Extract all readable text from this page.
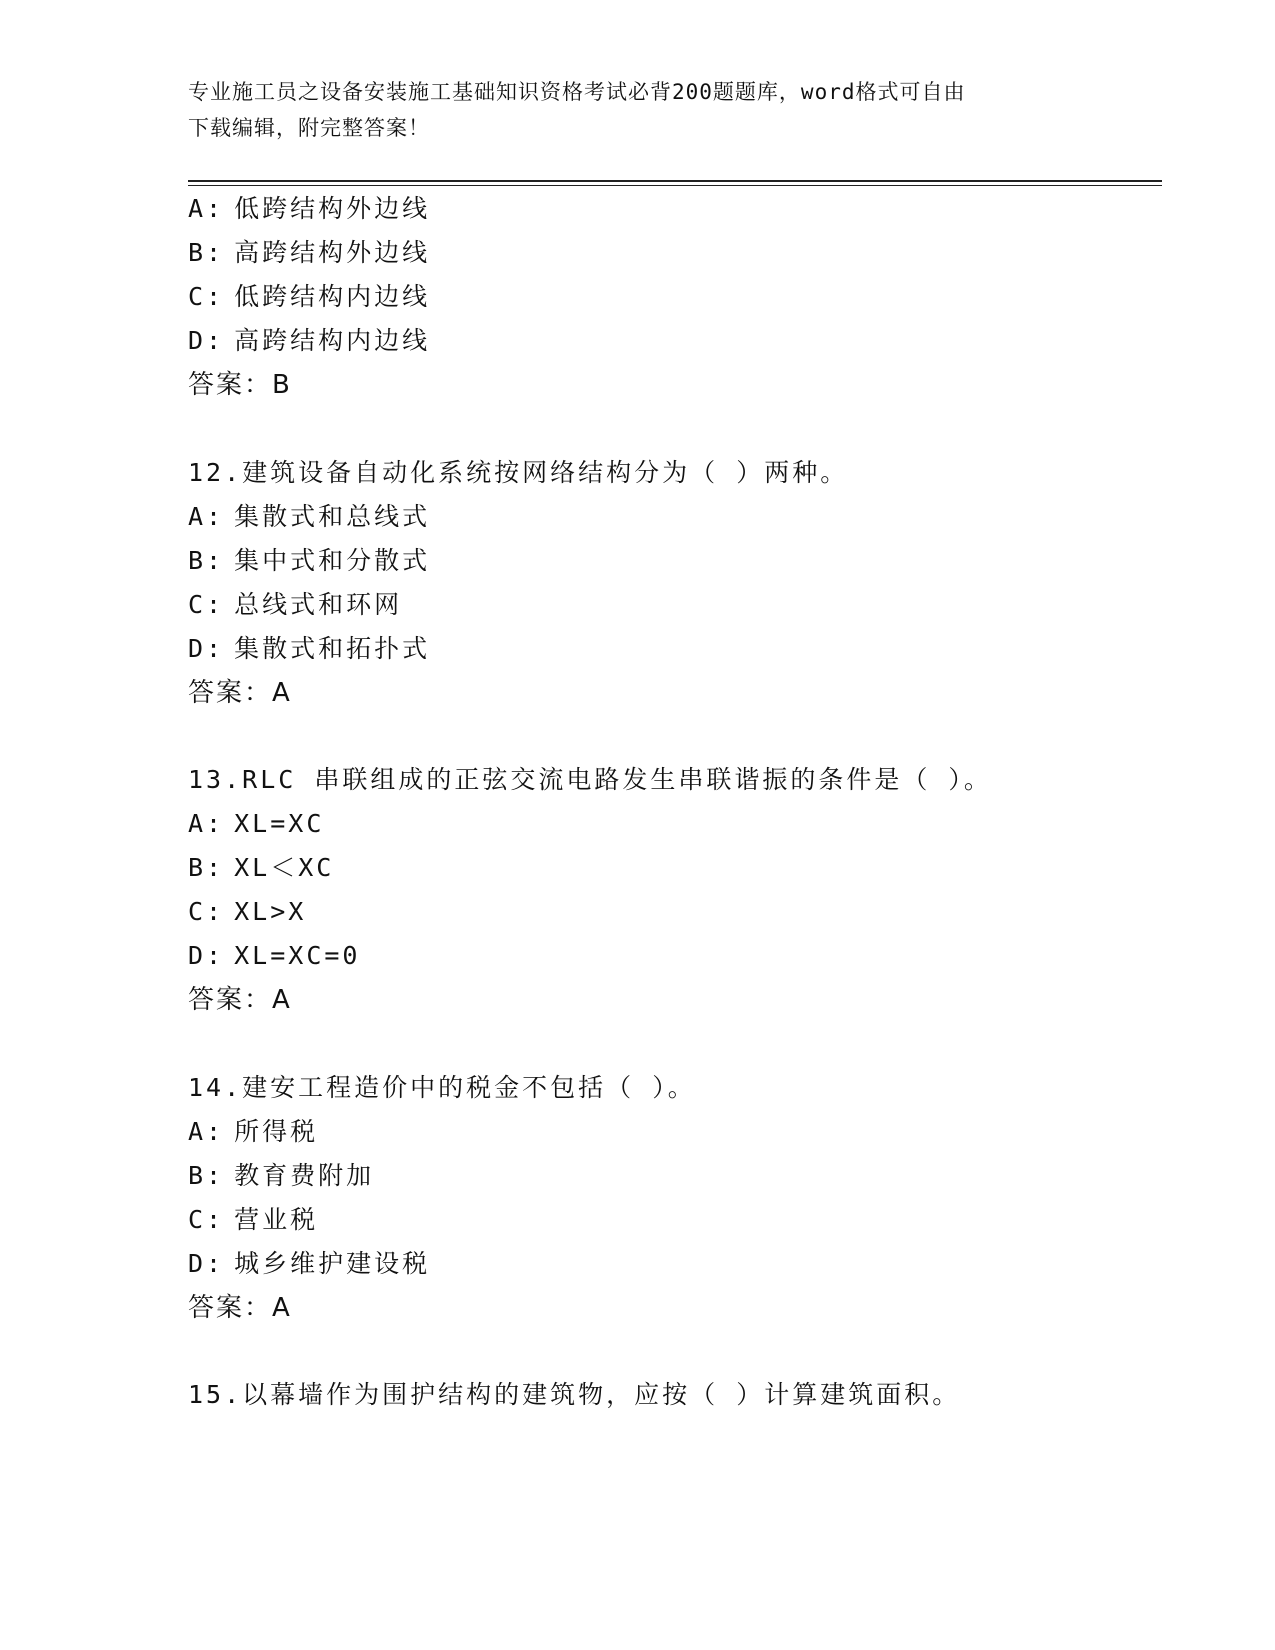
专业施工员之设备安装施工基础知识资格考试必背200题题库，word格式可自由
下载编辑，附完整答案！
A: 低跨结构外边线
B: 高跨结构外边线
C: 低跨结构内边线
D: 高跨结构内边线
答案：B
12.建筑设备自动化系统按网络结构分为（ ）两种。
A: 集散式和总线式
B: 集中式和分散式
C: 总线式和环网
D: 集散式和拓扑式
答案：A
13.RLC 串联组成的正弦交流电路发生串联谐振的条件是（ ）。
A: XL=XC
B: XL＜XC
C: XL>X
D: XL=XC=0
答案：A
14.建安工程造价中的税金不包括（ ）。
A: 所得税
B: 教育费附加
C: 营业税
D: 城乡维护建设税
答案：A
15.以幕墙作为围护结构的建筑物，应按（ ）计算建筑面积。
